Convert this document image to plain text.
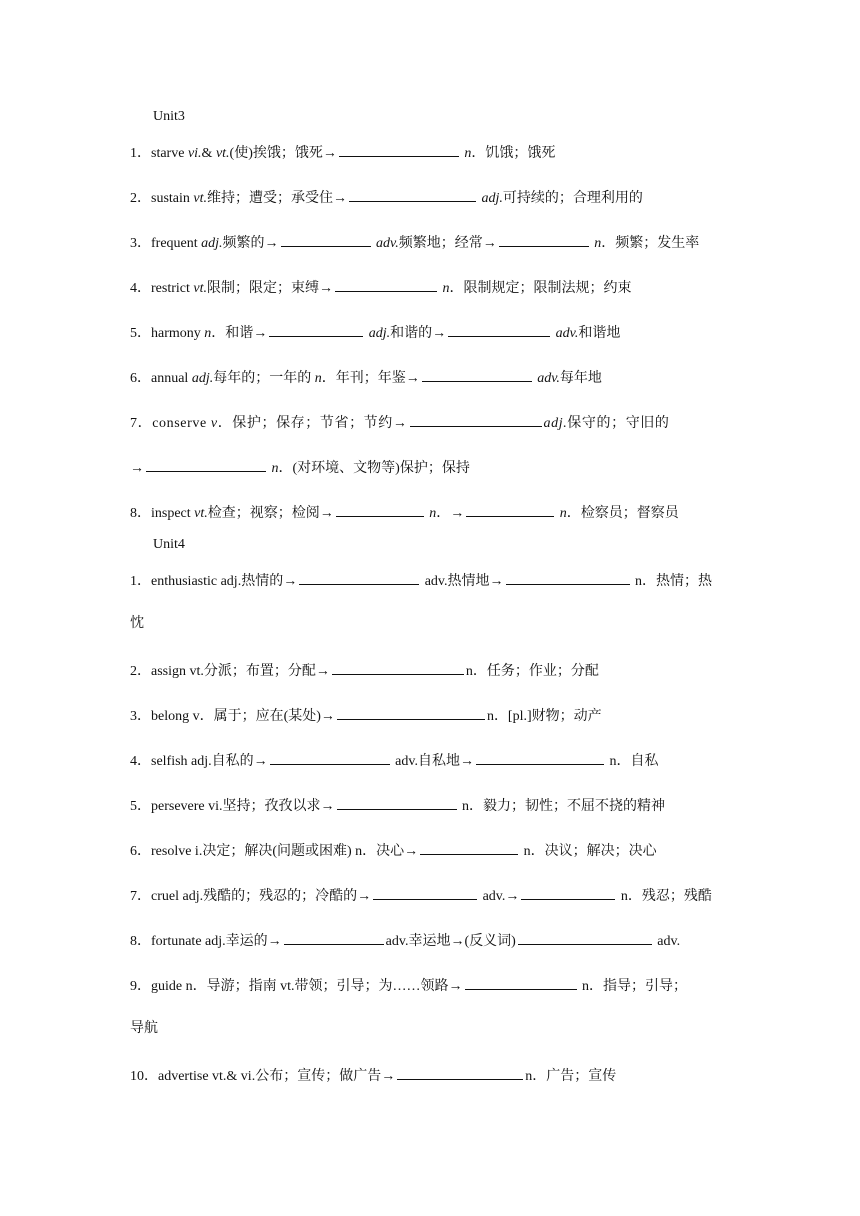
Unit3
1．starve vi.& vt.(使)挨饿；饿死→	n．饥饿；饿死
2．sustain vt.维持；遭受；承受住→	adj.可持续的；合理利用的
3．frequent adj.频繁的→	adv.频繁地；经常→	n．频繁；发生率
4．restrict vt.限制；限定；束缚→	n．限制规定；限制法规；约束
5．harmony n．和谐→	adj.和谐的→	adv.和谐地
6．annual adj.每年的；一年的 n．年刊；年鉴→	adv.每年地
7．conserve v．保护；保存；节省；节约→	adj.保守的；守旧的
→	n．(对环境、文物等)保护；保持
8．inspect vt.检查；视察；检阅→	n．→	n．检察员；督察员
Unit4
1．enthusiastic adj.热情的→	adv.热情地→	n．热情；热
忱
2．assign vt.分派；布置；分配→	n．任务；作业；分配
3．belong v．属于；应在(某处)→	n．[pl.]财物；动产
4．selfish adj.自私的→	adv.自私地→	n．自私
5．persevere vi.坚持；孜孜以求→	n．毅力；韧性；不屈不挠的精神
6．resolve i.决定；解决(问题或困难) n．决心→	n．决议；解决；决心
7．cruel adj.残酷的；残忍的；冷酷的→	adv.→	n．残忍；残酷
8．fortunate adj.幸运的→	adv.幸运地→(反义词)	adv.
9．guide n．导游；指南 vt.带领；引导；为……领路→	n．指导；引导；
导航
10．advertise vt.& vi.公布；宣传；做广告→	n．广告；宣传
